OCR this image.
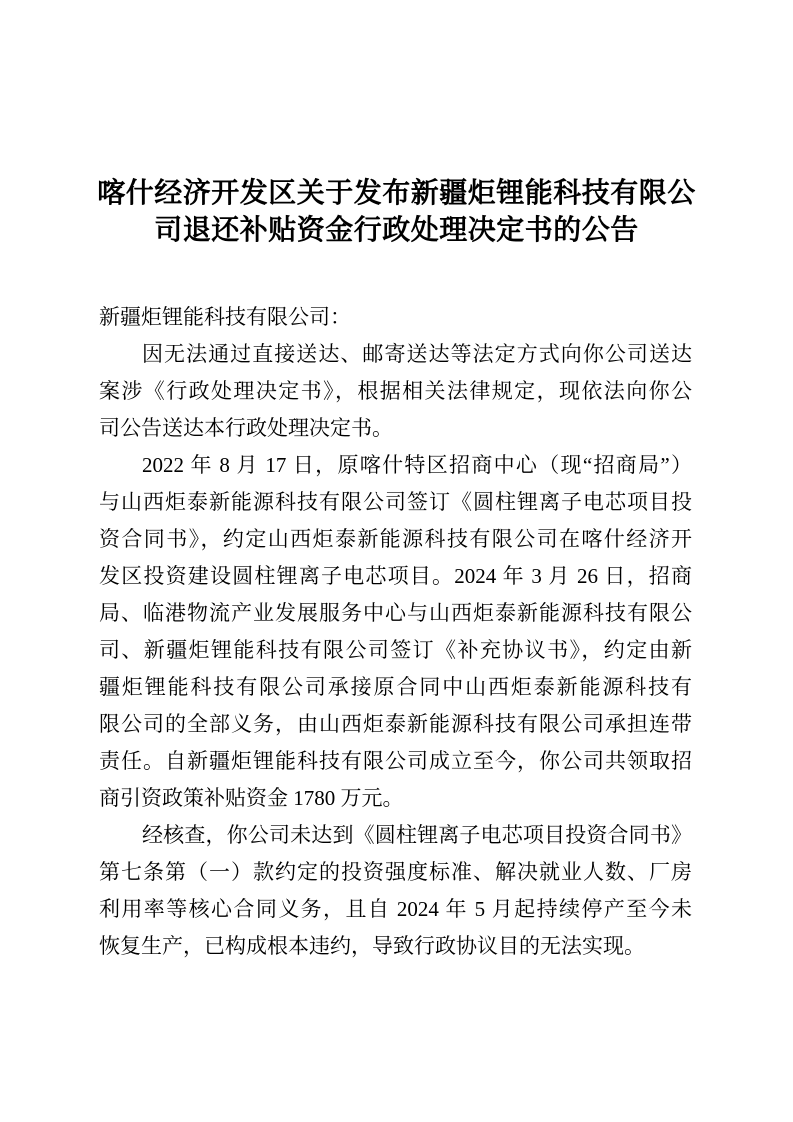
喀什经济开发区关于发布新疆炬锂能科技有限公
司退还补贴资金行政处理决定书的公告
新疆炬锂能科技有限公司：
因无法通过直接送达、邮寄送达等法定方式向你公司送达
案涉《行政处理决定书》，根据相关法律规定，现依法向你公
司公告送达本行政处理决定书。
2022 年 8 月 17 日，原喀什特区招商中心（现“招商局”）
与山西炬泰新能源科技有限公司签订《圆柱锂离子电芯项目投
资合同书》，约定山西炬泰新能源科技有限公司在喀什经济开
发区投资建设圆柱锂离子电芯项目。2024 年 3 月 26 日，招商
局、临港物流产业发展服务中心与山西炬泰新能源科技有限公
司、新疆炬锂能科技有限公司签订《补充协议书》，约定由新
疆炬锂能科技有限公司承接原合同中山西炬泰新能源科技有
限公司的全部义务，由山西炬泰新能源科技有限公司承担连带
责任。自新疆炬锂能科技有限公司成立至今，你公司共领取招
商引资政策补贴资金 1780 万元。
经核查，你公司未达到《圆柱锂离子电芯项目投资合同书》
第七条第（一）款约定的投资强度标准、解决就业人数、厂房
利用率等核心合同义务，且自 2024 年 5 月起持续停产至今未
恢复生产，已构成根本违约，导致行政协议目的无法实现。
